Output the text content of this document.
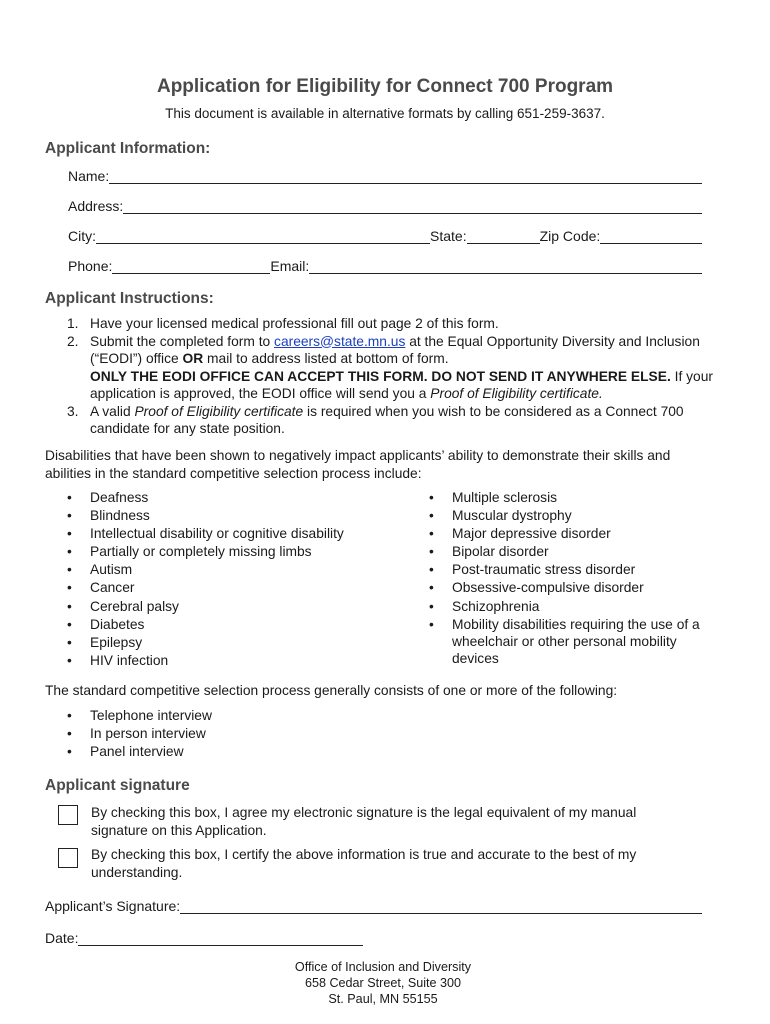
Application for Eligibility for Connect 700 Program
This document is available in alternative formats by calling 651-259-3637.
Applicant Information:
Name:
Address:
City:	State:	Zip Code:
Phone:	Email:
Applicant Instructions:
1. Have your licensed medical professional fill out page 2 of this form.
2. Submit the completed form to careers@state.mn.us at the Equal Opportunity Diversity and Inclusion (“EODI”) office OR mail to address listed at bottom of form.
ONLY THE EODI OFFICE CAN ACCEPT THIS FORM. DO NOT SEND IT ANYWHERE ELSE. If your application is approved, the EODI office will send you a Proof of Eligibility certificate.
3. A valid Proof of Eligibility certificate is required when you wish to be considered as a Connect 700 candidate for any state position.
Disabilities that have been shown to negatively impact applicants’ ability to demonstrate their skills and abilities in the standard competitive selection process include:
• Deafness
• Blindness
• Intellectual disability or cognitive disability
• Partially or completely missing limbs
• Autism
• Cancer
• Cerebral palsy
• Diabetes
• Epilepsy
• HIV infection
• Multiple sclerosis
• Muscular dystrophy
• Major depressive disorder
• Bipolar disorder
• Post-traumatic stress disorder
• Obsessive-compulsive disorder
• Schizophrenia
• Mobility disabilities requiring the use of a wheelchair or other personal mobility devices
The standard competitive selection process generally consists of one or more of the following:
• Telephone interview
• In person interview
• Panel interview
Applicant signature
By checking this box, I agree my electronic signature is the legal equivalent of my manual signature on this Application.
By checking this box, I certify the above information is true and accurate to the best of my understanding.
Applicant’s Signature:
Date:
Office of Inclusion and Diversity
658 Cedar Street, Suite 300
St. Paul, MN 55155
